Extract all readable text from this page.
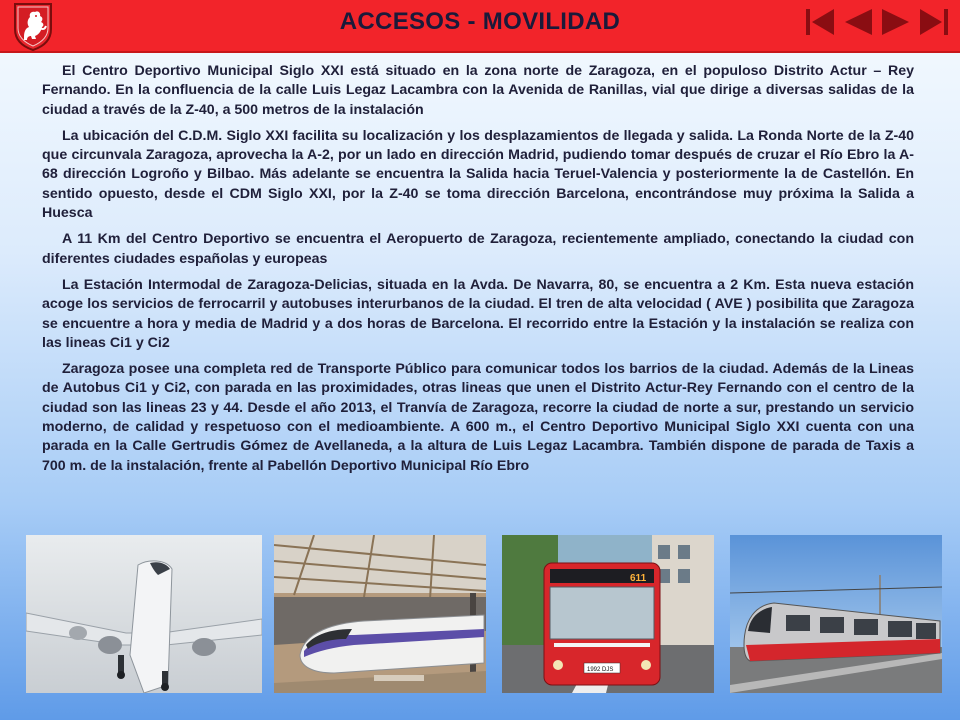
ACCESOS - MOVILIDAD

El Centro Deportivo Municipal Siglo XXI está situado en la zona norte de Zaragoza, en el populoso Distrito Actur – Rey Fernando. En la confluencia de la calle Luis Legaz Lacambra con la Avenida de Ranillas, vial que dirige a diversas salidas de la ciudad a través de la Z-40, a 500 metros de la instalación

La ubicación del C.D.M. Siglo XXI facilita su localización y los desplazamientos de llegada y salida. La Ronda Norte de la Z-40 que circunvala Zaragoza, aprovecha la A-2, por un lado en dirección Madrid, pudiendo tomar después de cruzar el Río Ebro la A-68 dirección Logroño y Bilbao. Más adelante se encuentra la Salida hacia Teruel-Valencia y posteriormente la de Castellón. En sentido opuesto, desde el CDM Siglo XXI, por la Z-40 se toma dirección Barcelona, encontrándose muy próxima la Salida a Huesca

A 11 Km del Centro Deportivo se encuentra el Aeropuerto de Zaragoza, recientemente ampliado, conectando la ciudad con diferentes ciudades españolas y europeas

La Estación Intermodal de Zaragoza-Delicias, situada en la Avda. De Navarra, 80, se encuentra a 2 Km. Esta nueva estación acoge los servicios de ferrocarril y autobuses interurbanos de la ciudad. El tren de alta velocidad ( AVE ) posibilita que Zaragoza se encuentre a hora y media de Madrid y a dos horas de Barcelona. El recorrido entre la Estación y la instalación se realiza con las lineas Ci1 y Ci2

Zaragoza posee una completa red de Transporte Público para comunicar todos los barrios de la ciudad. Además de la Lineas de Autobus Ci1 y Ci2, con parada en las proximidades, otras lineas que unen el Distrito Actur-Rey Fernando con el centro de la ciudad son las lineas 23 y 44. Desde el año 2013, el Tranvía de Zaragoza, recorre la ciudad de norte a sur, prestando un servicio moderno, de calidad y respetuoso con el medioambiente. A 600 m., el Centro Deportivo Municipal Siglo XXI cuenta con una parada en la Calle Gertrudis Gómez de Avellaneda, a la altura de Luis Legaz Lacambra. También dispone de parada de Taxis a 700 m. de la instalación, frente al Pabellón Deportivo Municipal Río Ebro

611
1992 DJS
